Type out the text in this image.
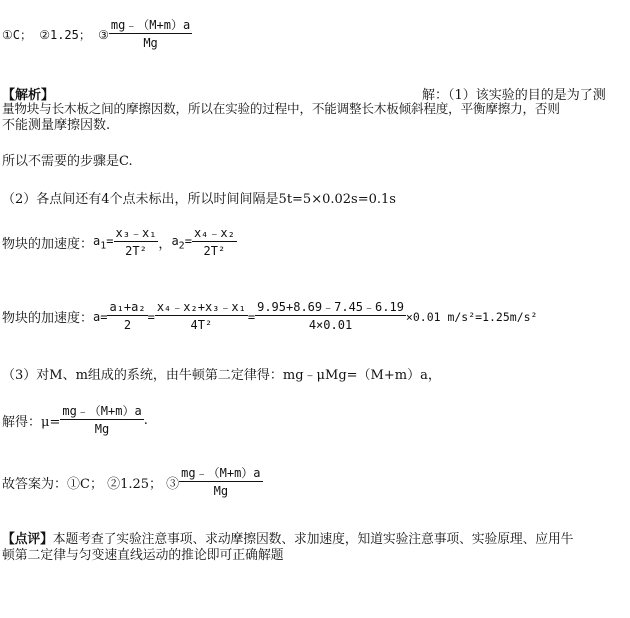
①C； ②1.25； ③ $\frac{mg﹣(M+m)a}{Mg}$
【解析】	解：（1）该实验的目的是为了测
量物块与长木板之间的摩擦因数，所以在实验的过程中，不能调整长木板倾斜程度，平衡摩擦力，否则
不能测量摩擦因数.
所以不需要的步骤是C.
（2）各点间还有4个点未标出，所以时间间隔是5t=5×0.02s=0.1s
物块的加速度： $a_1= \frac{\text{x₃﹣x₁}}{\text{2T²}}$ ， $a_2= \frac{\text{x₄﹣x₂}}{\text{2T²}}$
物块的加速度： $a= \frac{\text{a₁+a₂}}{2} = \frac{\text{x₄﹣x₂+x₃﹣x₁}}{\text{4T²}} = \frac{9.95+8.69﹣7.45﹣6.19}{4\times 0.01} \times 0.01$ m/s²=1.25m/s²
（3）对M、m组成的系统，由牛顿第二定律得：mg﹣μMg=（M+m）a，
解得：$\mu= \frac{mg﹣(M+m)a}{Mg}$ .
故答案为：①C； ②1.25； ③ $\frac{mg﹣(M+m)a}{Mg}$
【点评】本题考查了实验注意事项、求动摩擦因数、求加速度，知道实验注意事项、实验原理、应用牛
顿第二定律与匀变速直线运动的推论即可正确解题
